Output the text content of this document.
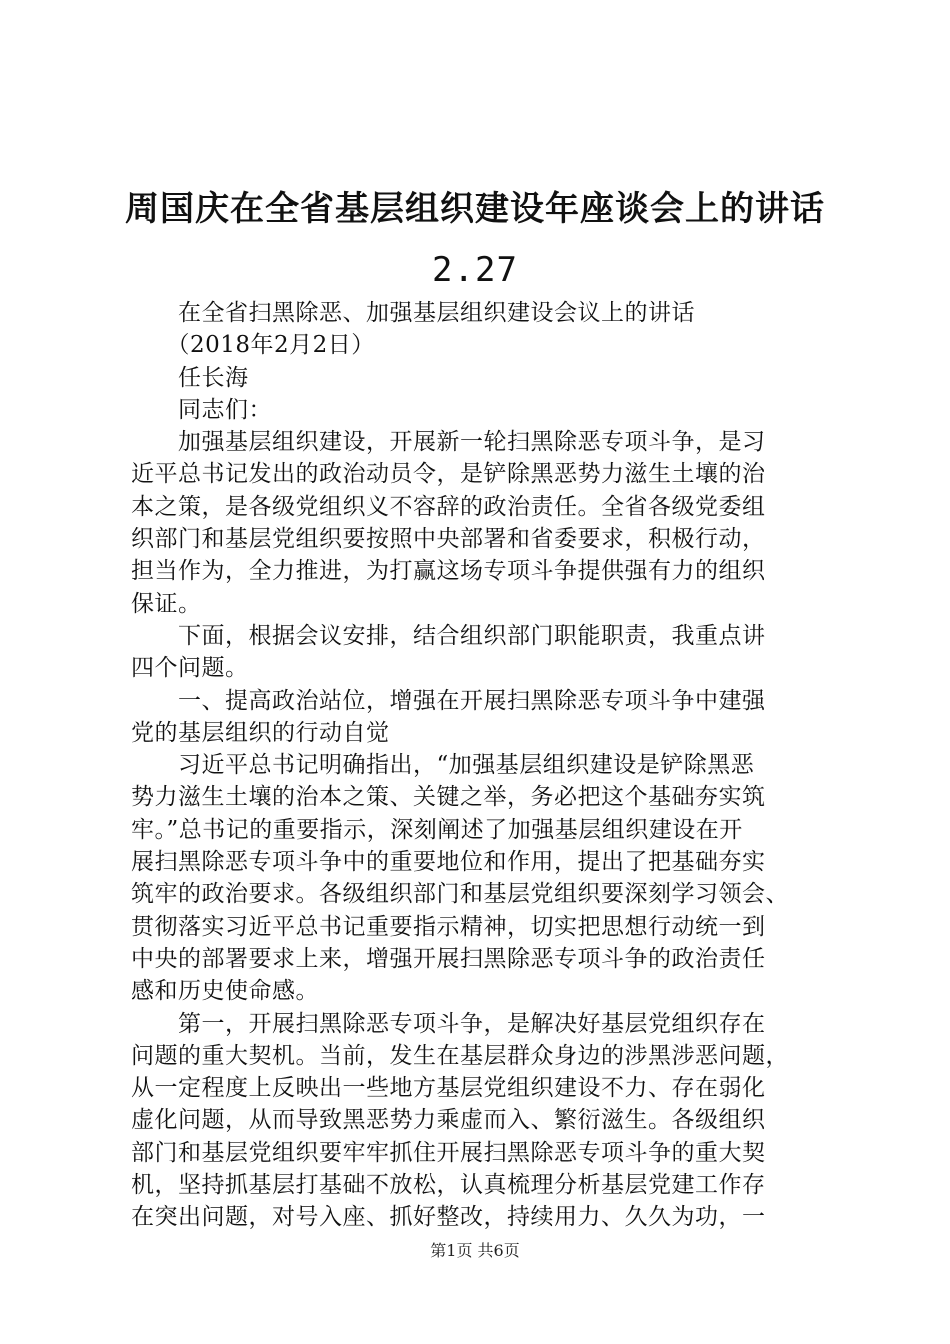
周国庆在全省基层组织建设年座谈会上的讲话
2.27
　　在全省扫黑除恶、加强基层组织建设会议上的讲话
　　（2018年2月2日）
　　任长海
　　同志们：
　　加强基层组织建设，开展新一轮扫黑除恶专项斗争，是习
近平总书记发出的政治动员令，是铲除黑恶势力滋生土壤的治
本之策，是各级党组织义不容辞的政治责任。全省各级党委组
织部门和基层党组织要按照中央部署和省委要求，积极行动，
担当作为，全力推进，为打赢这场专项斗争提供强有力的组织
保证。
　　下面，根据会议安排，结合组织部门职能职责，我重点讲
四个问题。
　　一、提高政治站位，增强在开展扫黑除恶专项斗争中建强
党的基层组织的行动自觉
　　习近平总书记明确指出，“加强基层组织建设是铲除黑恶
势力滋生土壤的治本之策、关键之举，务必把这个基础夯实筑
牢。”总书记的重要指示，深刻阐述了加强基层组织建设在开
展扫黑除恶专项斗争中的重要地位和作用，提出了把基础夯实
筑牢的政治要求。各级组织部门和基层党组织要深刻学习领会、
贯彻落实习近平总书记重要指示精神，切实把思想行动统一到
中央的部署要求上来，增强开展扫黑除恶专项斗争的政治责任
感和历史使命感。
　　第一，开展扫黑除恶专项斗争，是解决好基层党组织存在
问题的重大契机。当前，发生在基层群众身边的涉黑涉恶问题，
从一定程度上反映出一些地方基层党组织建设不力、存在弱化
虚化问题，从而导致黑恶势力乘虚而入、繁衍滋生。各级组织
部门和基层党组织要牢牢抓住开展扫黑除恶专项斗争的重大契
机，坚持抓基层打基础不放松，认真梳理分析基层党建工作存
在突出问题，对号入座、抓好整改，持续用力、久久为功，一
第1页 共6页
